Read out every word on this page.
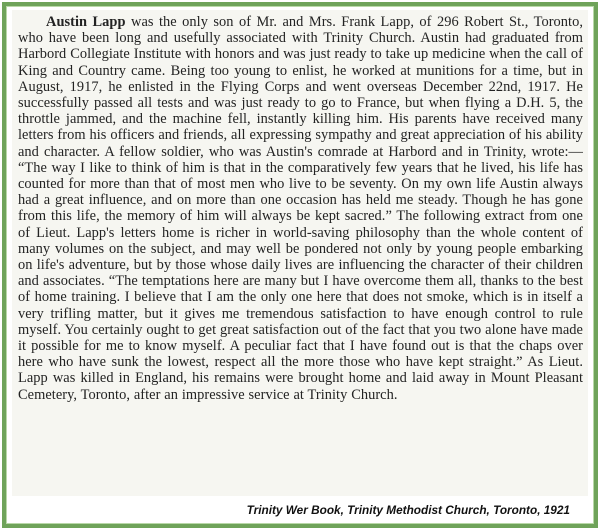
Austin Lapp was the only son of Mr. and Mrs. Frank Lapp, of 296 Robert St., Toronto, who have been long and usefully associated with Trinity Church. Austin had graduated from Harbord Collegiate Institute with honors and was just ready to take up medicine when the call of King and Country came. Being too young to enlist, he worked at munitions for a time, but in August, 1917, he enlisted in the Flying Corps and went overseas December 22nd, 1917. He successfully passed all tests and was just ready to go to France, but when flying a D.H. 5, the throttle jammed, and the machine fell, instantly killing him. His parents have received many letters from his officers and friends, all expressing sympathy and great appreciation of his ability and character. A fellow soldier, who was Austin's comrade at Harbord and in Trinity, wrote:— “The way I like to think of him is that in the comparatively few years that he lived, his life has counted for more than that of most men who live to be seventy. On my own life Austin always had a great influence, and on more than one occasion has held me steady. Though he has gone from this life, the memory of him will always be kept sacred.” The following extract from one of Lieut. Lapp's letters home is richer in world-saving philosophy than the whole content of many volumes on the subject, and may well be pondered not only by young people embarking on life's adventure, but by those whose daily lives are influencing the character of their children and associates. “The temptations here are many but I have overcome them all, thanks to the best of home training. I believe that I am the only one here that does not smoke, which is in itself a very trifling matter, but it gives me tremendous satisfaction to have enough control to rule myself. You certainly ought to get great satisfaction out of the fact that you two alone have made it possible for me to know myself. A peculiar fact that I have found out is that the chaps over here who have sunk the lowest, respect all the more those who have kept straight.” As Lieut. Lapp was killed in England, his remains were brought home and laid away in Mount Pleasant Cemetery, Toronto, after an impressive service at Trinity Church.

Trinity Wer Book, Trinity Methodist Church, Toronto, 1921
